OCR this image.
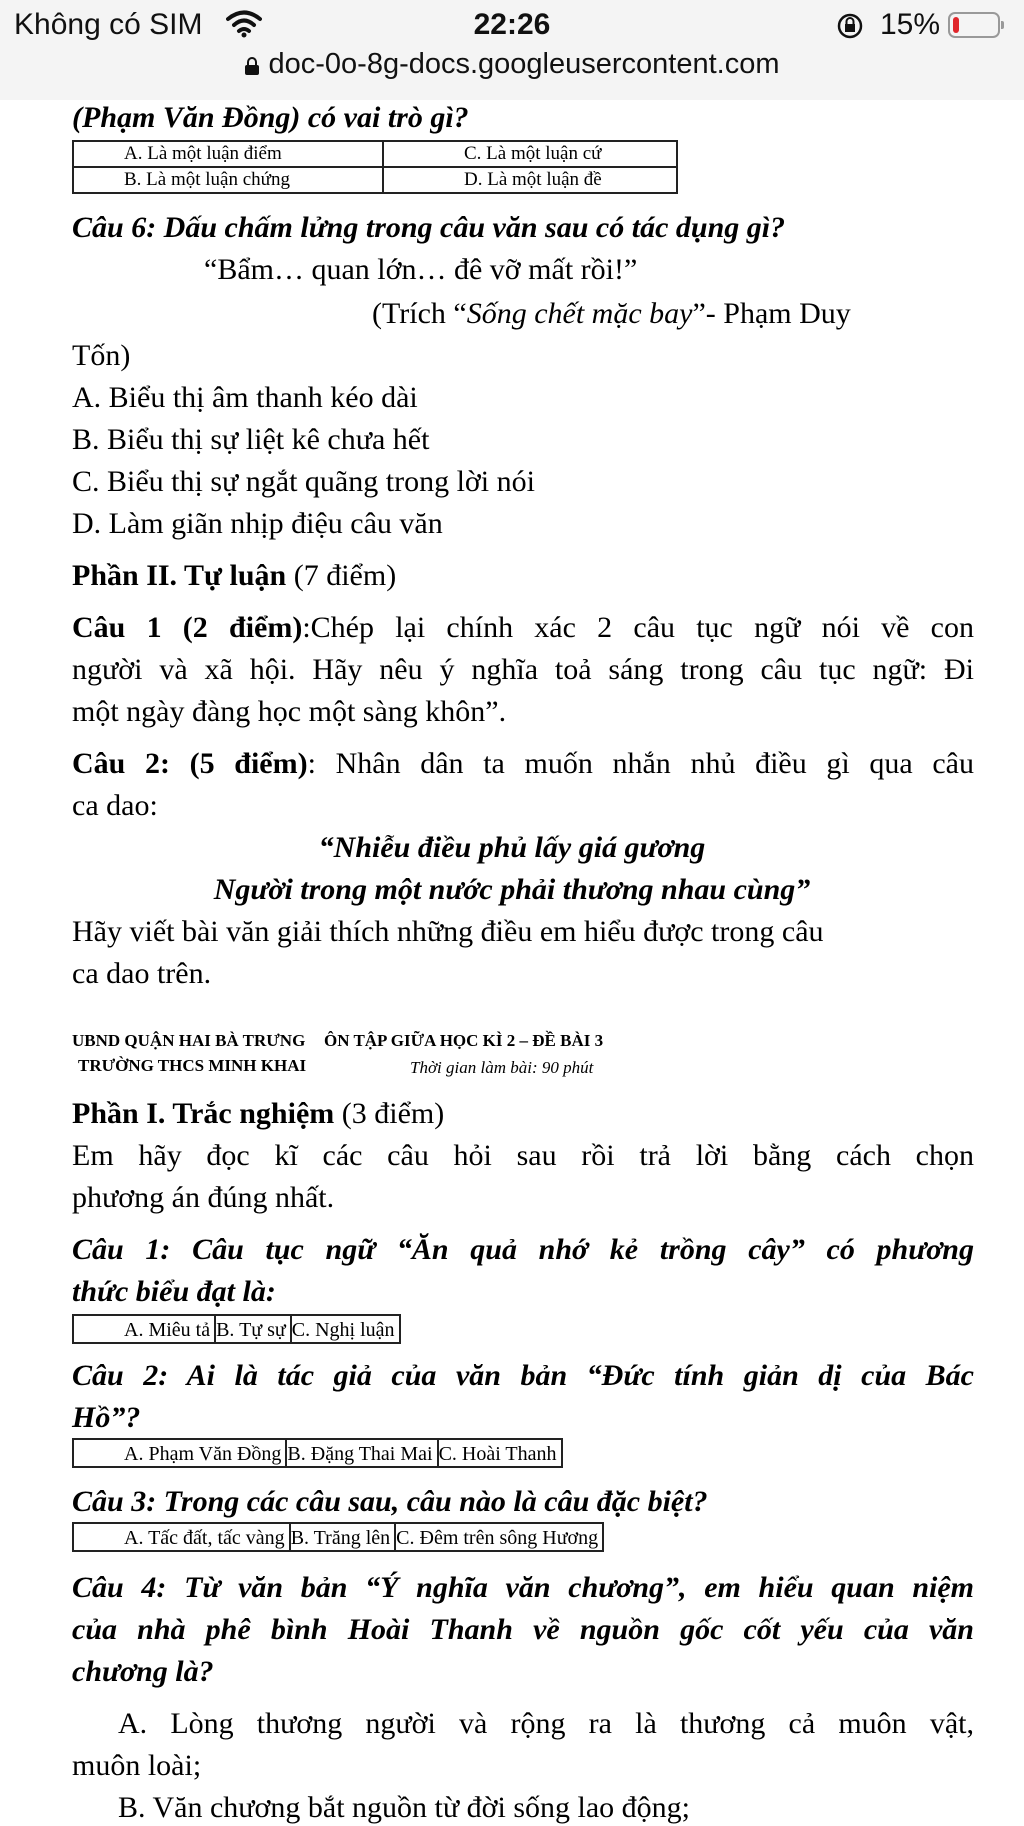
Không có SIM	22:26	15%
doc-0o-8g-docs.googleusercontent.com
(Phạm Văn Đồng) có vai trò gì?
A. Là một luận điểm	C. Là một luận cứ
B. Là một luận chứng	D. Là một luận đề
Câu 6: Dấu chấm lửng trong câu văn sau có tác dụng gì?
“Bẩm… quan lớn… đê vỡ mất rồi!”
(Trích “Sống chết mặc bay”- Phạm Duy
Tốn)
A. Biểu thị âm thanh kéo dài
B. Biểu thị sự liệt kê chưa hết
C. Biểu thị sự ngắt quãng trong lời nói
D. Làm giãn nhịp điệu câu văn
Phần II. Tự luận (7 điểm)
Câu 1 (2 điểm):Chép lại chính xác 2 câu tục ngữ nói về con
người và xã hội. Hãy nêu ý nghĩa toả sáng trong câu tục ngữ: Đi
một ngày đàng học một sàng khôn”.
Câu 2: (5 điểm): Nhân dân ta muốn nhắn nhủ điều gì qua câu
ca dao:
“Nhiễu điều phủ lấy giá gương
Người trong một nước phải thương nhau cùng”
Hãy viết bài văn giải thích những điều em hiểu được trong câu
ca dao trên.
UBND QUẬN HAI BÀ TRƯNG ÔN TẬP GIỮA HỌC KÌ 2 – ĐỀ BÀI 3
TRƯỜNG THCS MINH KHAI	Thời gian làm bài: 90 phút
Phần I. Trắc nghiệm (3 điểm)
Em hãy đọc kĩ các câu hỏi sau rồi trả lời bằng cách chọn
phương án đúng nhất.
Câu 1: Câu tục ngữ “Ăn quả nhớ kẻ trồng cây” có phương
thức biểu đạt là:
A. Miêu tả	B. Tự sự	C. Nghị luận
Câu 2: Ai là tác giả của văn bản “Đức tính giản dị của Bác
Hồ”?
A. Phạm Văn Đồng	B. Đặng Thai Mai	C. Hoài Thanh
Câu 3: Trong các câu sau, câu nào là câu đặc biệt?
A. Tấc đất, tấc vàng	B. Trăng lên	C. Đêm trên sông Hương
Câu 4: Từ văn bản “Ý nghĩa văn chương”, em hiểu quan niệm
của nhà phê bình Hoài Thanh về nguồn gốc cốt yếu của văn
chương là?
A. Lòng thương người và rộng ra là thương cả muôn vật,
muôn loài;
B. Văn chương bắt nguồn từ đời sống lao động;
